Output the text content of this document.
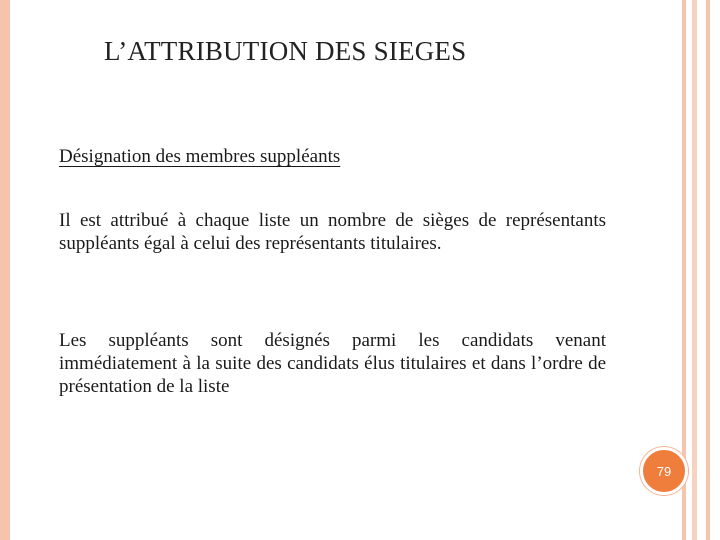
L’ATTRIBUTION DES SIEGES
Désignation des membres suppléants

Il est attribué à chaque liste un nombre de sièges de représentants suppléants égal à celui des représentants titulaires.

Les suppléants sont désignés parmi les candidats venant immédiatement à la suite des candidats élus titulaires et dans l’ordre de présentation de la liste

79
